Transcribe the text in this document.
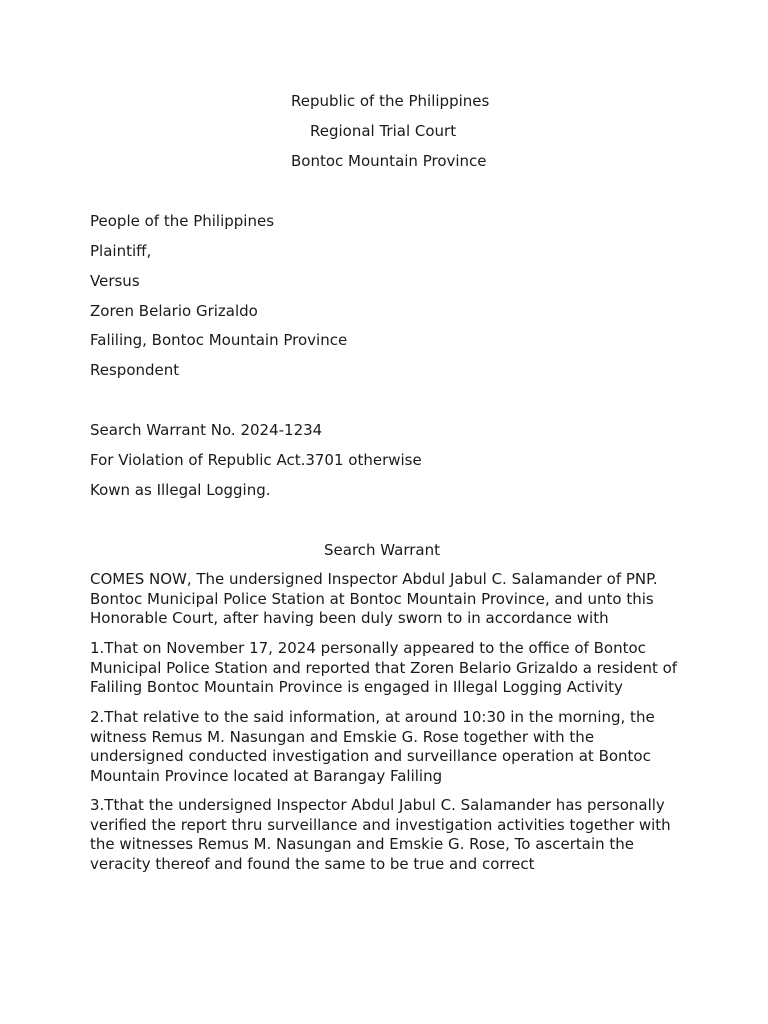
Republic of the Philippines
Regional Trial Court
Bontoc Mountain Province
People of the Philippines
Plaintiff,
Versus
Zoren Belario Grizaldo
Faliling, Bontoc Mountain Province
Respondent
Search Warrant No. 2024-1234
For Violation of Republic Act.3701 otherwise
Kown as Illegal Logging.
Search Warrant
COMES NOW, The undersigned Inspector Abdul Jabul C. Salamander of PNP. Bontoc Municipal Police Station at Bontoc Mountain Province, and unto this Honorable Court, after having been duly sworn to in accordance with
1.That on November 17, 2024 personally appeared to the office of Bontoc Municipal Police Station and reported that Zoren Belario Grizaldo a resident of Faliling Bontoc Mountain Province is engaged in Illegal Logging Activity
2.That relative to the said information, at around 10:30 in the morning, the witness Remus M. Nasungan and Emskie G. Rose together with the undersigned conducted investigation and surveillance operation at Bontoc Mountain Province located at Barangay Faliling
3.Tthat the undersigned Inspector Abdul Jabul C. Salamander has personally verified the report thru surveillance and investigation activities together with the witnesses Remus M. Nasungan and Emskie G. Rose, To ascertain the veracity thereof and found the same to be true and correct
